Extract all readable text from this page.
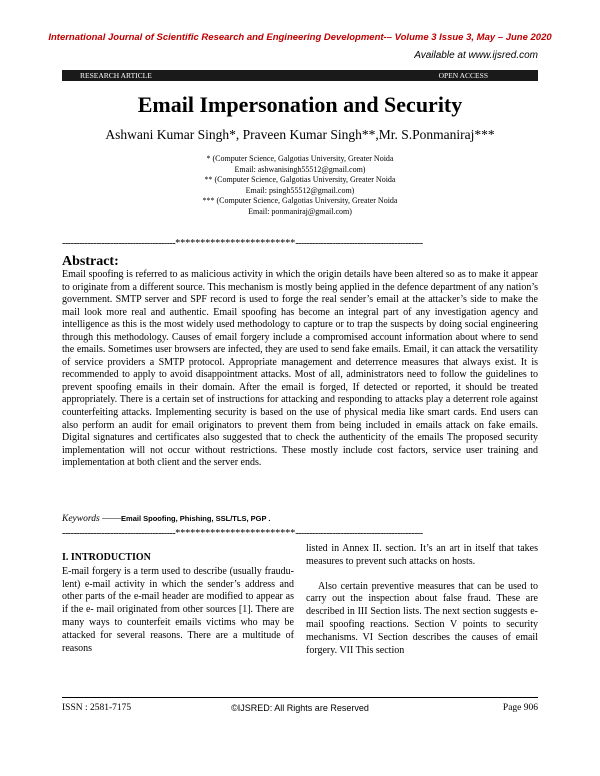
International Journal of Scientific Research and Engineering Development-– Volume 3 Issue 3, May – June 2020
Available at www.ijsred.com
RESEARCH ARTICLE	OPEN ACCESS
Email Impersonation and Security
Ashwani Kumar Singh*, Praveen Kumar Singh**,Mr. S.Ponmaniraj***
* (Computer Science, Galgotias University, Greater Noida
Email: ashwanisingh55512@gmail.com)
** (Computer Science, Galgotias University, Greater Noida
Email: psingh55512@gmail.com)
*** (Computer Science, Galgotias University, Greater Noida
Email: ponmaniraj@gmail.com)
----------------------------------------************************---------------------------------------------
Abstract:
Email spoofing is referred to as malicious activity in which the origin details have been altered so as to make it appear to originate from a different source. This mechanism is mostly being applied in the defence department of any nation’s government. SMTP server and SPF record is used to forge the real sender’s email at the attacker’s side to make the mail look more real and authentic. Email spoofing has become an integral part of any investigation agency and intelligence as this is the most widely used methodology to capture or to trap the suspects by doing social engineering through this methodology. Causes of email forgery include a compromised account information about where to send the emails. Sometimes user browsers are infected, they are used to send fake emails. Email, it can attack the versatility of service providers a SMTP protocol. Appropriate management and deterrence measures that always exist. It is recommended to apply to avoid disappointment attacks. Most of all, administrators need to follow the guidelines to prevent spoofing emails in their domain. After the email is forged, If detected or reported, it should be treated appropriately. There is a certain set of instructions for attacking and responding to attacks play a deterrent role against counterfeiting attacks. Implementing security is based on the use of physical media like smart cards. End users can also perform an audit for email originators to prevent them from being included in emails attack on fake emails. Digital signatures and certificates also suggested that to check the authenticity of the emails The proposed security implementation will not occur without restrictions. These mostly include cost factors, service user training and implementation at both client and the server ends.
Keywords ——Email Spoofing, Phishing, SSL/TLS, PGP .
----------------------------------------************************---------------------------------------------
I. INTRODUCTION

E-mail forgery is a term used to describe (usually fraudu-lent) e-mail activity in which the sender’s address and other parts of the e-mail header are modified to appear as if the e- mail originated from other sources [1]. There are many ways to counterfeit emails victims who may be attacked for several reasons. There are a multitude of reasons

listed in Annex II. section. It’s an art in itself that takes measures to prevent such attacks on hosts.

Also certain preventive measures that can be used to carry out the inspection about false fraud. These are described in III Section lists. The next section suggests e-mail spoofing reactions. Section V points to security mechanisms. VI Section describes the causes of email forgery. VII This section

ISSN : 2581-7175	©IJSRED: All Rights are Reserved	Page 906
